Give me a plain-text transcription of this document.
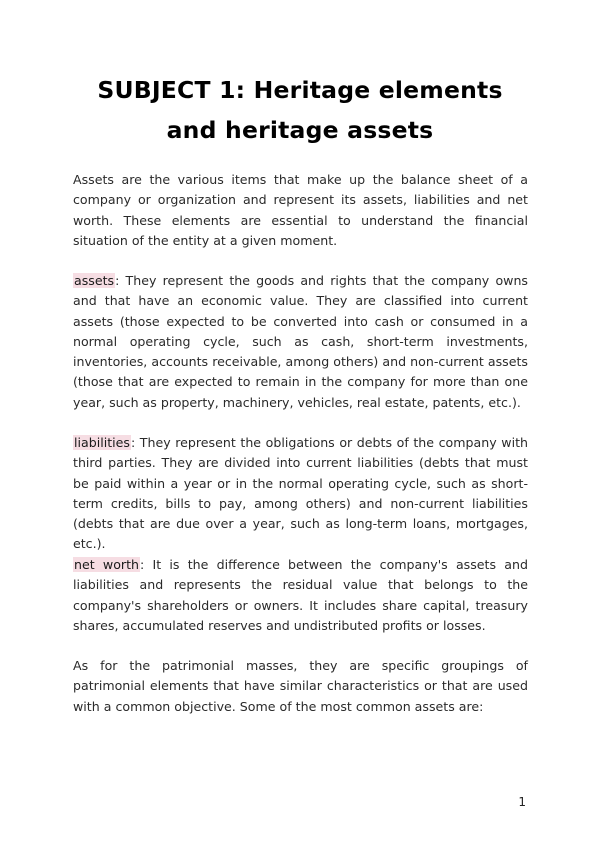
SUBJECT 1: Heritage elements
and heritage assets

Assets are the various items that make up the balance sheet of a company or organization and represent its assets, liabilities and net worth. These elements are essential to understand the financial situation of the entity at a given moment.

assets: They represent the goods and rights that the company owns and that have an economic value. They are classified into current assets (those expected to be converted into cash or consumed in a normal operating cycle, such as cash, short-term investments, inventories, accounts receivable, among others) and non-current assets (those that are expected to remain in the company for more than one year, such as property, machinery, vehicles, real estate, patents, etc.).

liabilities: They represent the obligations or debts of the company with third parties. They are divided into current liabilities (debts that must be paid within a year or in the normal operating cycle, such as short-term credits, bills to pay, among others) and non-current liabilities (debts that are due over a year, such as long-term loans, mortgages, etc.).

net worth: It is the difference between the company's assets and liabilities and represents the residual value that belongs to the company's shareholders or owners. It includes share capital, treasury shares, accumulated reserves and undistributed profits or losses.

As for the patrimonial masses, they are specific groupings of patrimonial elements that have similar characteristics or that are used with a common objective. Some of the most common assets are:

1
